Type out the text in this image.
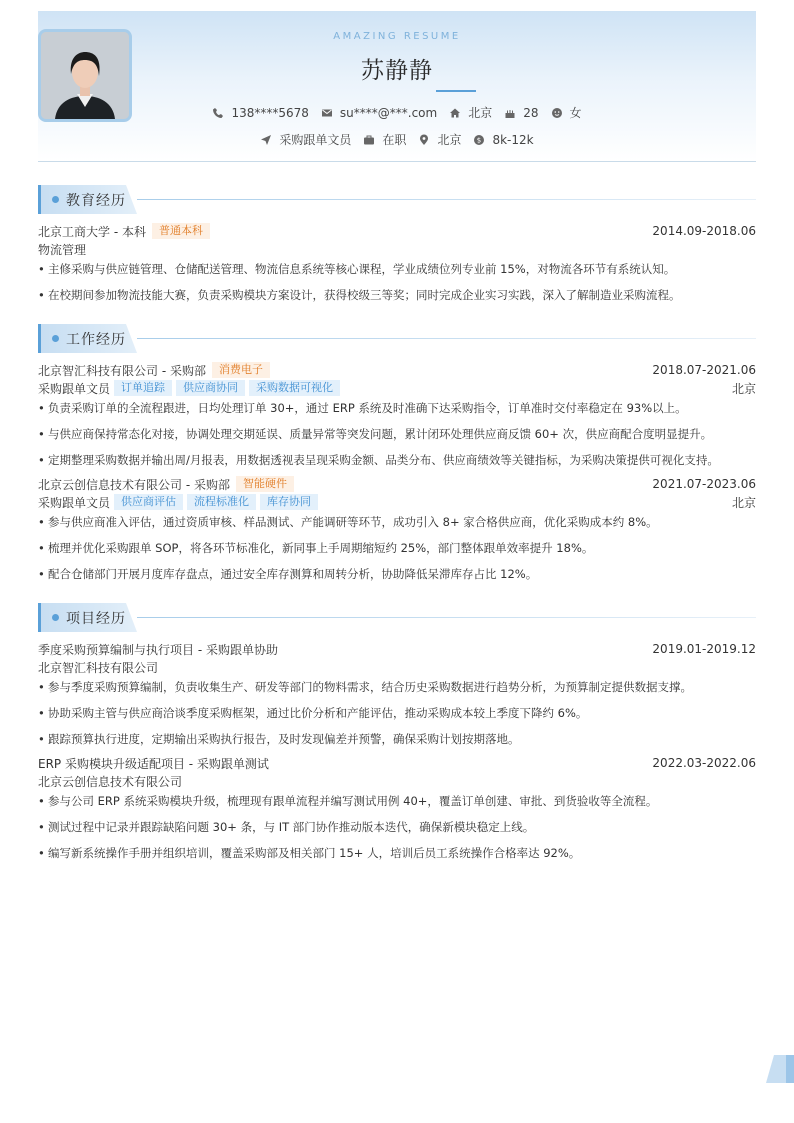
AMAZING RESUME
苏静静
138****5678	su****@***.com	北京	28	女
采购跟单文员	在职	北京 $ 8k-12k
教育经历
北京工商大学 - 本科	普通本科	2014.09-2018.06
物流管理
• 主修采购与供应链管理、仓储配送管理、物流信息系统等核心课程，学业成绩位列专业前 15%，对物流各环节有系统认知。
• 在校期间参加物流技能大赛，负责采购模块方案设计，获得校级三等奖；同时完成企业实习实践，深入了解制造业采购流程。
工作经历
北京智汇科技有限公司 - 采购部	消费电子	2018.07-2021.06
采购跟单文员	订单追踪	供应商协同	采购数据可视化	北京
• 负责采购订单的全流程跟进，日均处理订单 30+，通过 ERP 系统及时准确下达采购指令，订单准时交付率稳定在 93%以上。
• 与供应商保持常态化对接，协调处理交期延误、质量异常等突发问题，累计闭环处理供应商反馈 60+ 次，供应商配合度明显提升。
• 定期整理采购数据并输出周/月报表，用数据透视表呈现采购金额、品类分布、供应商绩效等关键指标，为采购决策提供可视化支持。
北京云创信息技术有限公司 - 采购部	智能硬件	2021.07-2023.06
采购跟单文员	供应商评估	流程标准化	库存协同	北京
• 参与供应商准入评估，通过资质审核、样品测试、产能调研等环节，成功引入 8+ 家合格供应商，优化采购成本约 8%。
• 梳理并优化采购跟单 SOP，将各环节标准化，新同事上手周期缩短约 25%，部门整体跟单效率提升 18%。
• 配合仓储部门开展月度库存盘点，通过安全库存测算和周转分析，协助降低呆滞库存占比 12%。
项目经历
季度采购预算编制与执行项目 - 采购跟单协助	2019.01-2019.12
北京智汇科技有限公司
• 参与季度采购预算编制，负责收集生产、研发等部门的物料需求，结合历史采购数据进行趋势分析，为预算制定提供数据支撑。
• 协助采购主管与供应商洽谈季度采购框架，通过比价分析和产能评估，推动采购成本较上季度下降约 6%。
• 跟踪预算执行进度，定期输出采购执行报告，及时发现偏差并预警，确保采购计划按期落地。
ERP 采购模块升级适配项目 - 采购跟单测试	2022.03-2022.06
北京云创信息技术有限公司
• 参与公司 ERP 系统采购模块升级，梳理现有跟单流程并编写测试用例 40+，覆盖订单创建、审批、到货验收等全流程。
• 测试过程中记录并跟踪缺陷问题 30+ 条，与 IT 部门协作推动版本迭代，确保新模块稳定上线。
• 编写新系统操作手册并组织培训，覆盖采购部及相关部门 15+ 人，培训后员工系统操作合格率达 92%。
